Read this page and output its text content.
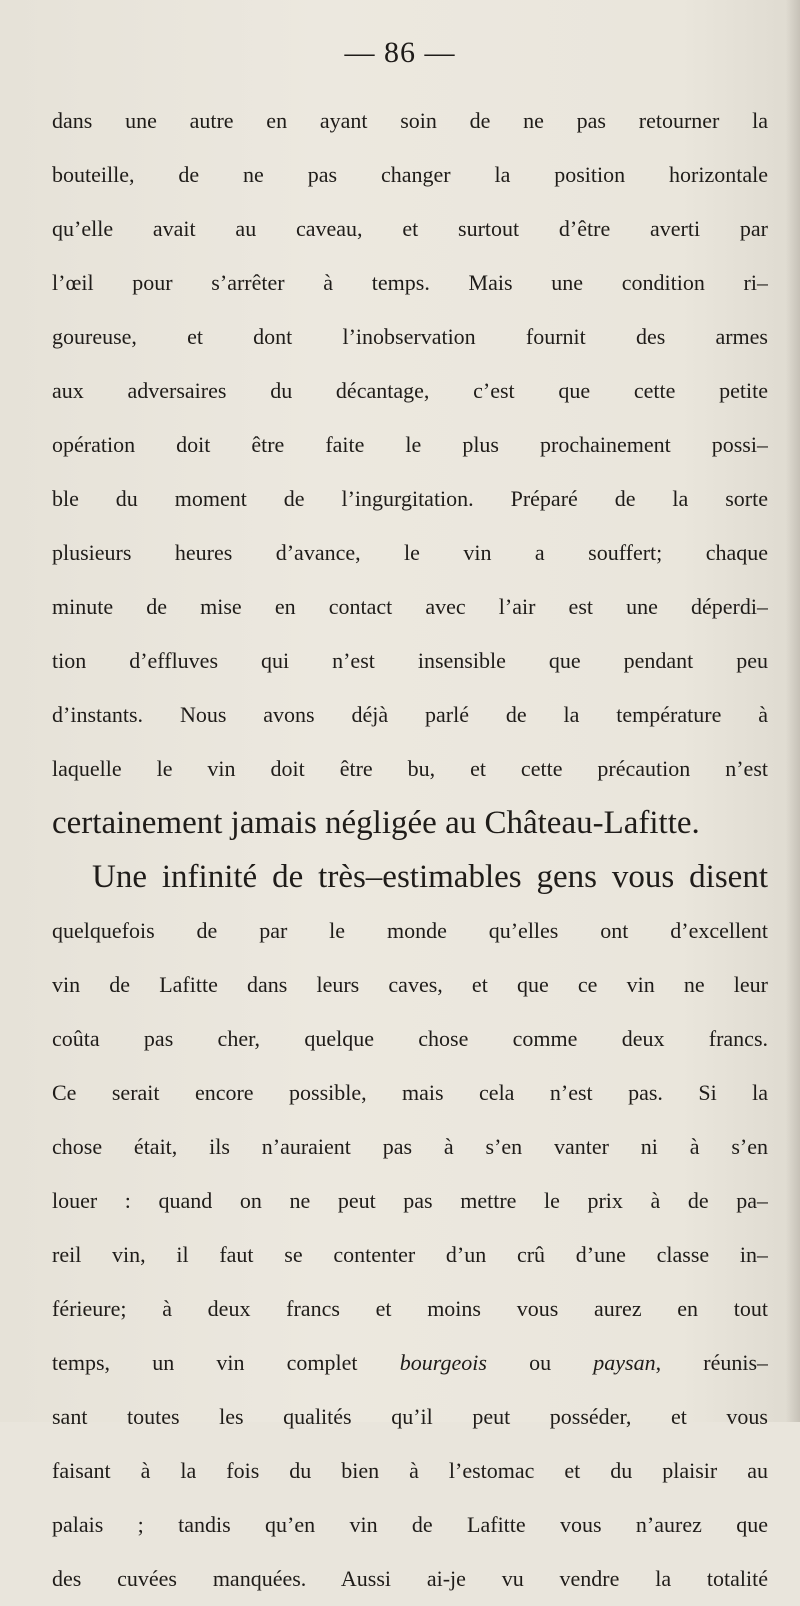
— 86 —
dans une autre en ayant soin de ne pas retourner la
bouteille, de ne pas changer la position horizontale
qu’elle avait au caveau, et surtout d’être averti par
l’œil pour s’arrêter à temps. Mais une condition ri–
goureuse, et dont l’inobservation fournit des armes
aux adversaires du décantage, c’est que cette petite
opération doit être faite le plus prochainement possi–
ble du moment de l’ingurgitation. Préparé de la sorte
plusieurs heures d’avance, le vin a souffert; chaque
minute de mise en contact avec l’air est une déperdi–
tion d’effluves qui n’est insensible que pendant peu
d’instants. Nous avons déjà parlé de la température à
laquelle le vin doit être bu, et cette précaution n’est
certainement jamais négligée au Château-Lafitte.
Une infinité de très–estimables gens vous disent
quelquefois de par le monde qu’elles ont d’excellent
vin de Lafitte dans leurs caves, et que ce vin ne leur
coûta pas cher, quelque chose comme deux francs.
Ce serait encore possible, mais cela n’est pas. Si la
chose était, ils n’auraient pas à s’en vanter ni à s’en
louer : quand on ne peut pas mettre le prix à de pa–
reil vin, il faut se contenter d’un crû d’une classe in–
férieure; à deux francs et moins vous aurez en tout
temps, un vin complet bourgeois ou paysan, réunis–
sant toutes les qualités qu’il peut posséder, et vous
faisant à la fois du bien à l’estomac et du plaisir au
palais ; tandis qu’en vin de Lafitte vous n’aurez que
des cuvées manquées. Aussi ai-je vu vendre la totalité
